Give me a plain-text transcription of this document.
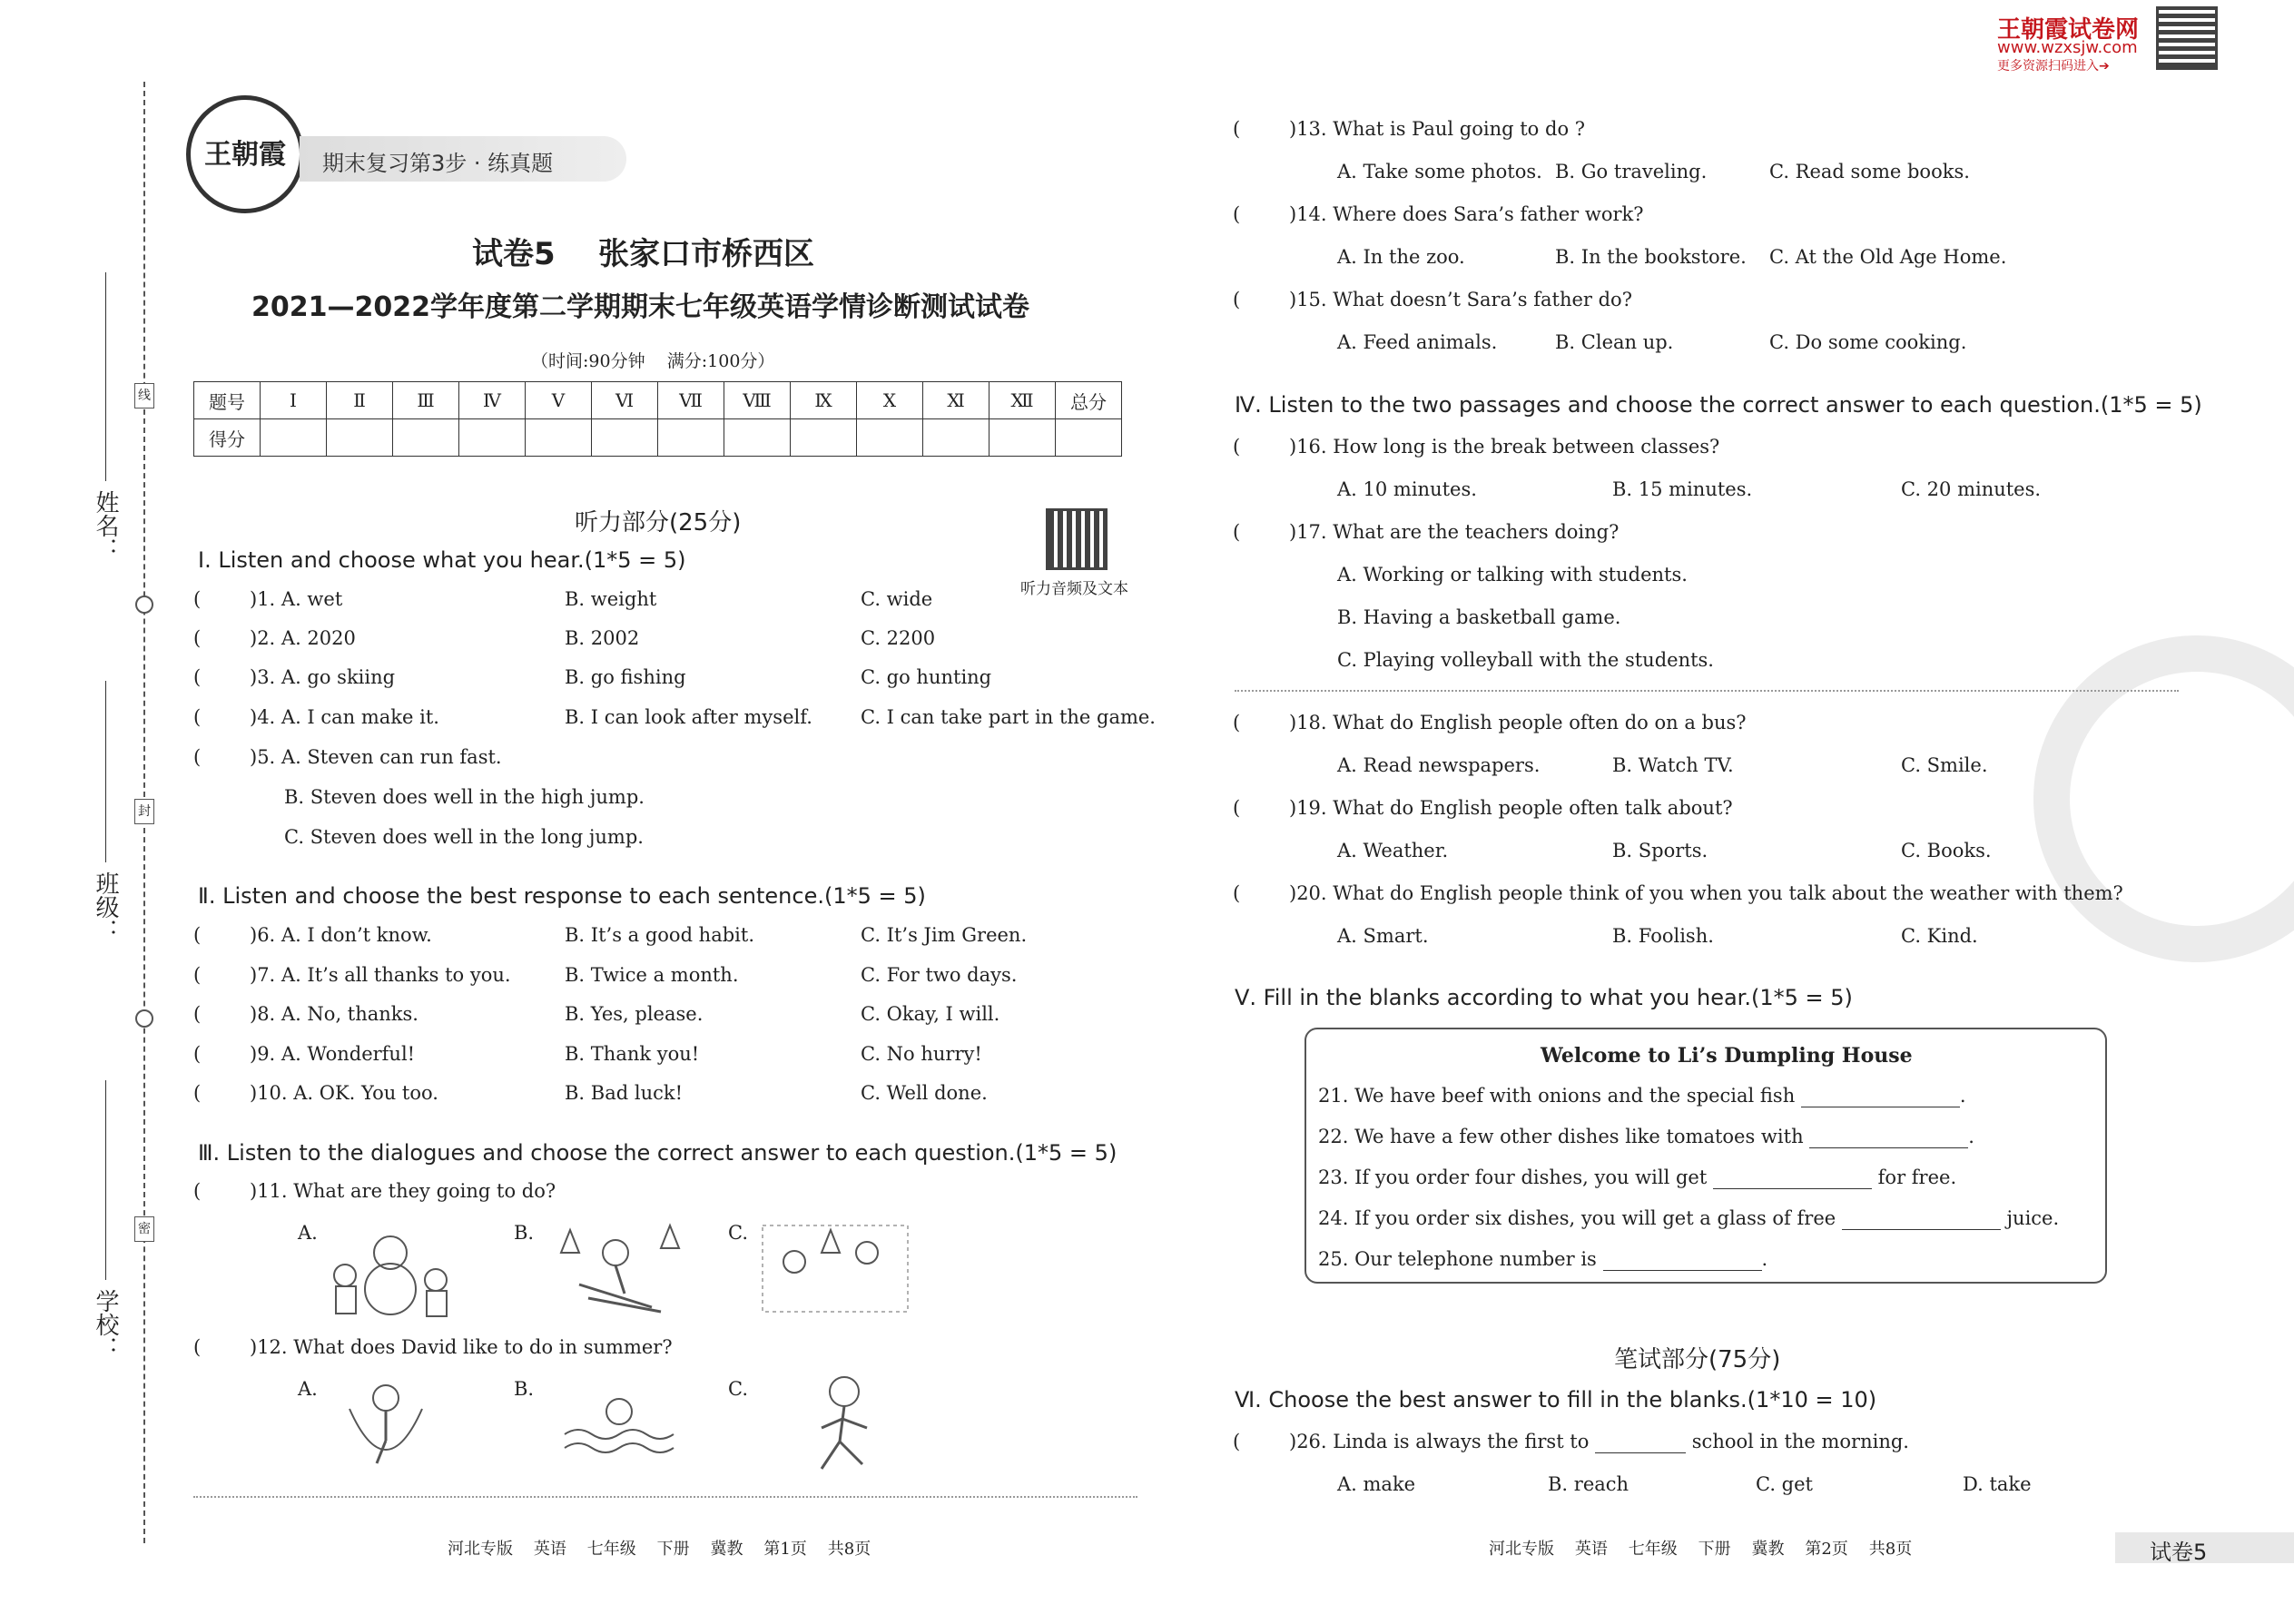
线
封
密
姓名：
班级：
学校：
王朝霞	期末复习第3步 · 练真题
试卷5    张家口市桥西区
2021—2022学年度第二学期期末七年级英语学情诊断测试试卷
（时间:90分钟    满分:100分）
题号	Ⅰ	Ⅱ	Ⅲ	Ⅳ	Ⅴ	Ⅵ	Ⅶ	Ⅷ	Ⅸ	Ⅹ	Ⅺ	Ⅻ	总分
得分													
听力部分(25分)
听力音频及文本
Ⅰ. Listen and choose what you hear.(1*5 = 5)
(	)1. A. wet	B. weight	C. wide
(	)2. A. 2020	B. 2002	C. 2200
(	)3. A. go skiing	B. go fishing	C. go hunting
(	)4. A. I can make it.	B. I can look after myself.	C. I can take part in the game.
(	)5. A. Steven can run fast.
B. Steven does well in the high jump.
C. Steven does well in the long jump.
Ⅱ. Listen and choose the best response to each sentence.(1*5 = 5)
(	)6. A. I don’t know.	B. It’s a good habit.	C. It’s Jim Green.
(	)7. A. It’s all thanks to you.	B. Twice a month.	C. For two days.
(	)8. A. No, thanks.	B. Yes, please.	C. Okay, I will.
(	)9. A. Wonderful!	B. Thank you!	C. No hurry!
(	)10. A. OK. You too.	B. Bad luck!	C. Well done.
Ⅲ. Listen to the dialogues and choose the correct answer to each question.(1*5 = 5)
(	)11. What are they going to do?
A.	B.	C.
(	)12. What does David like to do in summer?
A.	B.	C.
河北专版    英语    七年级    下册    冀教    第1页    共8页
王朝霞试卷网
www.wzxsjw.com
更多资源扫码进入➔
(	)13. What is Paul going to do ?
A. Take some photos. B. Go traveling.	C. Read some books.
(	)14. Where does Sara’s father work?
A. In the zoo.	B. In the bookstore. C. At the Old Age Home.
(	)15. What doesn’t Sara’s father do?
A. Feed animals.	B. Clean up.	C. Do some cooking.
Ⅳ. Listen to the two passages and choose the correct answer to each question.(1*5 = 5)
(	)16. How long is the break between classes?
A. 10 minutes.	B. 15 minutes.	C. 20 minutes.
(	)17. What are the teachers doing?
A. Working or talking with students.
B. Having a basketball game.
C. Playing volleyball with the students.
(	)18. What do English people often do on a bus?
A. Read newspapers.	B. Watch TV.	C. Smile.
(	)19. What do English people often talk about?
A. Weather.	B. Sports.	C. Books.
(	)20. What do English people think of you when you talk about the weather with them?
A. Smart.	B. Foolish.	C. Kind.
Ⅴ. Fill in the blanks according to what you hear.(1*5 = 5)
Welcome to Li’s Dumpling House
21. We have beef with onions and the special fish	.
22. We have a few other dishes like tomatoes with	.
23. If you order four dishes, you will get	for free.
24. If you order six dishes, you will get a glass of free	juice.
25. Our telephone number is	.
笔试部分(75分)
Ⅵ. Choose the best answer to fill in the blanks.(1*10 = 10)
(	)26. Linda is always the first to	school in the morning.
A. make	B. reach	C. get	D. take
河北专版    英语    七年级    下册    冀教    第2页    共8页	试卷5
